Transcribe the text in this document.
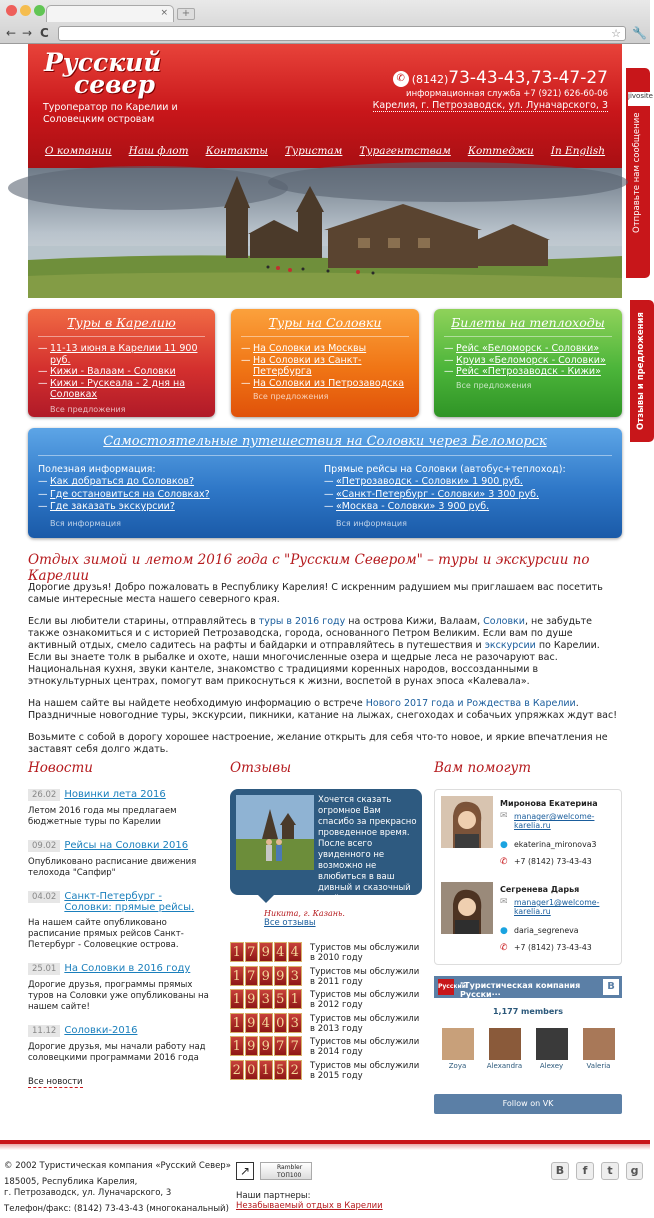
×	+
← → C	☆ 🔧
Отправьте нам сообщение
jivosite
Отзывы и предложения
Русский
север
Туроператор по Карелии и Соловецким островам
✆ (8142)73-43-43,73-47-27
информационная служба +7 (921) 626-60-06
Карелия, г. Петрозаводск, ул. Луначарского, 3
О компании Наш флот Контакты Туристам Турагентствам Коттеджи In English
Туры в Карелию
— 11-13 июня в Карелии 11 900 руб.
— Кижи - Валаам - Соловки
— Кижи - Рускеала - 2 дня на Соловках
Все предложения
Туры на Соловки
— На Соловки из Москвы
— На Соловки из Санкт-Петербурга
— На Соловки из Петрозаводска
Все предложения
Билеты на теплоходы
— Рейс «Беломорск - Соловки»
— Круиз «Беломорск - Соловки»
— Рейс «Петрозаводск - Кижи»
Все предложения
Самостоятельные путешествия на Соловки через Беломорск
Полезная информация:
— Как добраться до Соловков?
— Где остановиться на Соловках?
— Где заказать экскурсии?
Вся информация
Прямые рейсы на Соловки (автобус+теплоход):
— «Петрозаводск - Соловки» 1 900 руб.
— «Санкт-Петербург - Соловки» 3 300 руб.
— «Москва - Соловки» 3 900 руб.
Вся информация
Отдых зимой и летом 2016 года с "Русским Севером" – туры и экскурсии по Карелии

Дорогие друзья! Добро пожаловать в Республику Карелия! С искренним радушием мы приглашаем вас посетить самые интересные места нашего северного края.

Если вы любители старины, отправляйтесь в туры в 2016 году на острова Кижи, Валаам, Соловки, не забудьте также ознакомиться и с историей Петрозаводска, города, основанного Петром Великим. Если вам по душе активный отдых, смело садитесь на рафты и байдарки и отправляйтесь в путешествия и экскурсии по Карелии. Если вы знаете толк в рыбалке и охоте, наши многочисленные озера и щедрые леса не разочаруют вас. Национальная кухня, звуки кантеле, знакомство с традициями коренных народов, воссозданными в этнокультурных центрах, помогут вам прикоснуться к жизни, воспетой в рунах эпоса «Калевала».

На нашем сайте вы найдете необходимую информацию о встрече Нового 2017 года и Рождества в Карелии. Праздничные новогодние туры, экскурсии, пикники, катание на лыжах, снегоходах и собачьих упряжках ждут вас!

Возьмите с собой в дорогу хорошее настроение, желание открыть для себя что-то новое, и яркие впечатления не заставят себя долго ждать.

Новости	Отзывы	Вам помогут
26.02 Новинки лета 2016
Летом 2016 года мы предлагаем бюджетные туры по Карелии
09.02 Рейсы на Соловки 2016
Опубликовано расписание движения телохода "Сапфир"
04.02 Санкт-Петербург - Соловки: прямые рейсы.
На нашем сайте опубликовано расписание прямых рейсов Санкт-Петербург - Соловецкие острова.
25.01 На Соловки в 2016 году
Дорогие друзья, программы прямых туров на Соловки уже опубликованы на нашем сайте!
11.12 Соловки-2016
Дорогие друзья, мы начали работу над соловецкими программами 2016 года
Все новости
Хочется сказать огромное Вам спасибо за прекрасно проведенное время. После всего увиденного не возможно не влюбиться в ваш дивный и сказочный край...
Никита, г. Казань.
Все отзывы
1 7 9 4 4	Туристов мы обслужили в 2010 году
1 7 9 9 3	Туристов мы обслужили в 2011 году
1 9 3 5 1	Туристов мы обслужили в 2012 году
1 9 4 0 3	Туристов мы обслужили в 2013 году
1 9 9 7 7	Туристов мы обслужили в 2014 году
2 0 1 5 2	Туристов мы обслужили в 2015 году
Миронова Екатерина
✉ manager@welcome-karelia.ru
● ekaterina_mironova3
✆ +7 (8142) 73-43-43
Сегренева Дарья
✉ manager1@welcome-karelia.ru
● daria_segreneva
✆ +7 (8142) 73-43-43
Русский север
"Туристическая компания Русски···
В
1,177 members
Zoya	Alexandra	Alexey	Valeria
Follow on VK
© 2002 Туристическая компания «Русский Север»
185005, Республика Карелия,
г. Петрозаводск, ул. Луначарского, 3
Телефон/факс: (8142) 73-43-43 (многоканальный)
↗	Rambler ТОП100
Наши партнеры:
Незабываемый отдых в Карелии
В	f	t	g
